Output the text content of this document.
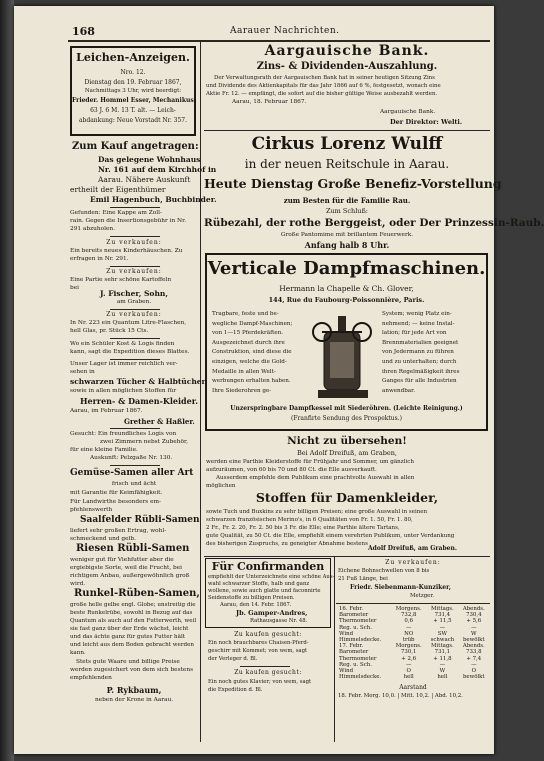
168	Aarauer Nachrichten.
Leichen-Anzeigen.
Nro. 12.
Dienstag den 19. Februar 1867,
Nachmittags 3 Uhr, wird beerdigt:
Frieder. Hommel Esser, Mechanikus,
63 J. 6 M. 13 T. alt. — Leich-
abdankung: Neue Vorstadt Nr. 357.
Zum Kauf angetragen:
Das gelegene Wohnhaus
Nr. 161 auf dem Kirchhof in
Aarau. Nähere Auskunft
ertheilt der Eigenthümer
Emil Hagenbuch, Buchbinder.
Gefunden: Eine Kappe am Zoll-
rain. Gegen die Insertionsgebühr in Nr.
291 abzuholen.
Zu verkaufen:
Ein bereits neues Kinderhäuschen. Zu
erfragen in Nr. 291.
Zu verkaufen:
Eine Partie sehr schöne Kartoffeln
bei
J. Fischer, Sohn,
am Graben.
Zu verkaufen:
In Nr. 223 ein Quantum Litre-Flaschen,
hell Glas, pr. Stück 15 Cts.
Wo ein Schüler Kost & Logis finden
kann, sagt die Expedition dieses Blattes.
Unser Lager ist immer reichlich ver-
sehen in
schwarzen Tücher & Halbtücher,
sowie in allen möglichen Stoffen für
Herren- & Damen-Kleider.
Aarau, im Februar 1867.
Grether & Haßler.
Gesucht: Ein freundliches Logis von
zwei Zimmern nebst Zubehör,
für eine kleine Familie.
Auskunft: Pelzgaße Nr. 130.
Gemüse-Samen aller Art
frisch und ächt
mit Garantie für Keimfähigkeit.
Für Landwirthe besonders em-
pfehlenswerth
Saalfelder Rübli-Samen
liefert sehr großen Ertrag, wohl-
schmeckend und gelb.
Riesen Rübli-Samen
weniger gut für Viehfutter aber die
ergiebigste Sorte, weil die Frucht, bei
richtigem Anbau, außergewöhnlich groß
wird.
Runkel-Rüben-Samen,
große helle gelbe engl. Globe; unstreitig die
beste Runkelrübe, sowohl in Bezug auf das
Quantum als auch auf den Futterwerth, weil
sie fast ganz über der Erde wächst, leicht
und das ächte ganz für gutes Futter hält
und leicht aus dem Boden gebracht werden
kann.
Stets gute Waare und billige Preise
werden zugesichert von dem sich bestens
empfehlenden
P. Rykbaum,
neben der Krone in Aarau.
Aargauische Bank.
Zins- & Dividenden-Auszahlung.
Der Verwaltungsrath der Aargauischen Bank hat in seiner heutigen Sitzung Zins
und Dividende des Aktienkapitals für das Jahr 1866 auf 6 %, festgesetzt, wonach eine
Aktie Fr. 12. — empfängt, die sofort auf die bisher gültige Weise ausbezahlt werden.
Aarau, 18. Februar 1867.
Aargauische Bank.
Der Direktor: Welti.
Cirkus Lorenz Wulff
in der neuen Reitschule in Aarau.
Heute Dienstag Große Benefiz-Vorstellung
zum Besten für die Familie Rau.
Zum Schluß:
Rübezahl, der rothe Berggeist, oder Der Prinzessin-Raub.
Große Pantomime mit brillantem Feuerwerk.
Anfang halb 8 Uhr.
Verticale Dampfmaschinen.
Hermann la Chapelle & Ch. Glover,
144, Rue du Faubourg-Poissonnière, Paris.
Tragbare, feste und be-
wegliche Dampf-Maschinen;
von 1—15 Pferdekräften.
Ausgezeichnet durch ihre
Construktion, sind diese die
einzigen, welche die Gold-
Medaille in allen Welt-
werbungen erhalten haben.
Ihre Siederohren ge-
System; wenig Platz ein-
nehmend; — keine Instal-
lation; für jede Art von
Brennmaterialien geeignet
von Jedermann zu führen
und zu unterhalten; durch
ihren Regelmäßigkeit ihres
Ganges für alle Industrien
anwendbar.
Unzerspringbare Dampfkessel mit Siederöhren. (Leichte Reinigung.)
(Franfirte Sendung des Prospektus.)
Nicht zu übersehen!
Bei Adolf Dreifuß, am Graben,
werden eine Parthie Kleiderstoffe für Frühjahr und Sommer, um gänzlich
aufzuräumen, von 60 bis 70 und 80 Ct. die Elle ausverkauft.
Ausserdem empfehle dem Publikum eine prachtvolle Auswahl in allen
möglichen
Stoffen für Damenkleider,
sowie Tuch und Buxkins zu sehr billigen Preisen; eine große Auswahl in seinen
schwarzen französischen Merino's, in 6 Qualitäten von Fr. 1. 50, Fr. 1. 80,
2 Fr., Fr. 2. 20, Fr. 2. 50 bis 3 Fr. die Elle; eine Parthie ältere Tartans,
gute Qualität, zu 50 Ct. die Elle, empfiehlt einem verehrten Publikum, unter Verdankung
des bisherigen Zuspruchs, zu geneigter Abnahme bestens
Adolf Dreifuß, am Graben.
Für Confirmanden
empfiehlt der Unterzeichnete eine schöne Aus-
wahl schwarzer Stoffe, halb und ganz
wollene, sowie auch glatte und faconnirte
Seidenstoffe zu billigen Preisen.
Aarau, den 14. Febr. 1867.
Jb. Gamper-Andres,
Rathausgasse Nr. 48.
Zu kaufen gesucht:
Ein noch brauchbares Chaisen-Pferd-
geschirr mit Kommet; von wem, sagt
der Verleger d. Bl.
Zu kaufen gesucht:
Ein noch gutes Klavier; von wem, sagt
die Expedition d. Bl.
Zu verkaufen:
Eichene Bohnschwellen von 8 bis
21 Fuß Länge, bei
Friedr. Siebenmann-Kunziker,
Metzger.
16. Febr.	Morgens.	Mittags.	Abends.
Barometer	732,8	731,4	730,4
Thermometer	0,6	+ 11,5	+ 5,6
Reg. u. Sch.	—	—	—
Wind	NO	SW	W
Himmelsdecke.	trüb	schwach	bewölkt
17. Febr.	Morgens.	Mittags.	Abends.
Barometer	730,1	731,1	733,8
Thermometer	+ 2,6	+ 11,8	+ 7,4
Reg. u. Sch.	—	—	—
Wind	O	W	O
Himmelsdecke.	hell	hell	bewölkt
Aarstand
18. Febr. Morg. 10,0. | Mitt. 10,2. | Abd. 10,2.
